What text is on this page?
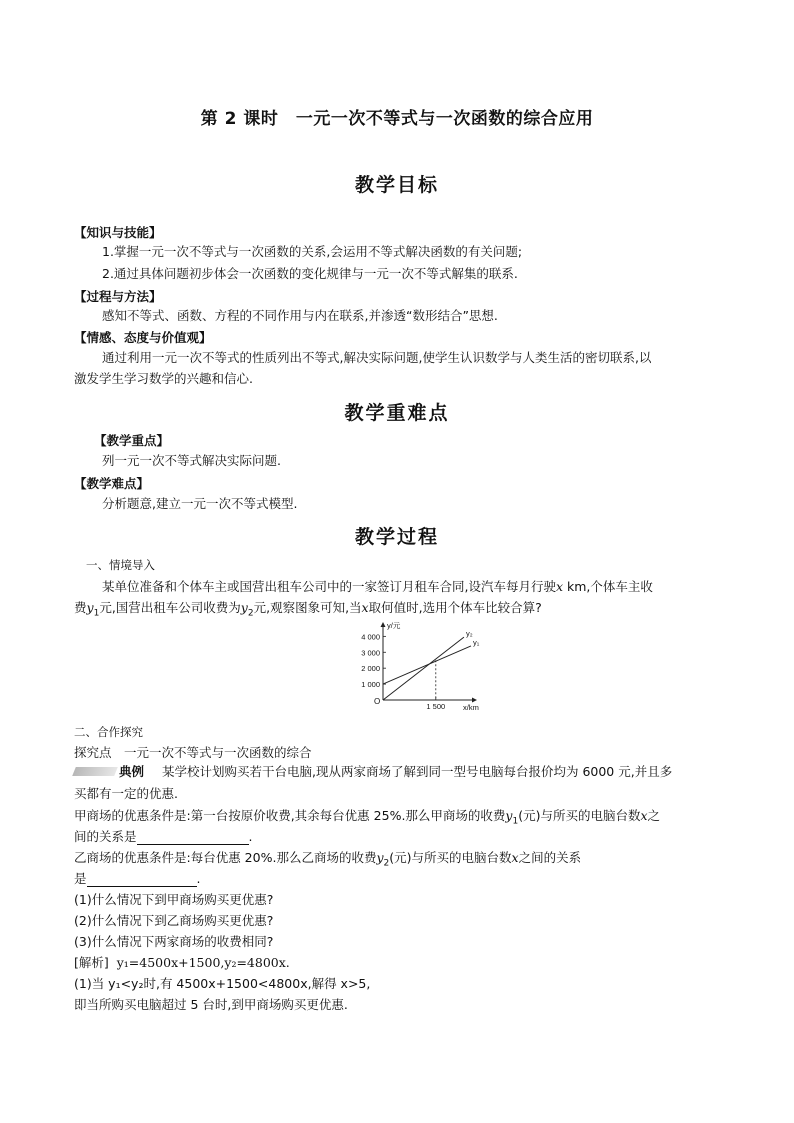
第 2 课时　一元一次不等式与一次函数的综合应用
教学目标
【知识与技能】
1.掌握一元一次不等式与一次函数的关系,会运用不等式解决函数的有关问题;
2.通过具体问题初步体会一次函数的变化规律与一元一次不等式解集的联系.
【过程与方法】
感知不等式、函数、方程的不同作用与内在联系,并渗透“数形结合”思想.
【情感、态度与价值观】
通过利用一元一次不等式的性质列出不等式,解决实际问题,使学生认识数学与人类生活的密切联系,以
激发学生学习数学的兴趣和信心.
教学重难点
【教学重点】
列一元一次不等式解决实际问题.
【教学难点】
分析题意,建立一元一次不等式模型.
教学过程
一、情境导入
某单位准备和个体车主或国营出租车公司中的一家签订月租车合同,设汽车每月行驶x km,个体车主收
费$y_1$元,国营出租车公司收费为$y_2$元,观察图象可知,当x取何值时,选用个体车比较合算?
1 000
2 000
3 000
4 000
1 500
y₁
y₂
y/元
x/km
O
二、合作探究
探究点　一元一次不等式与一次函数的综合
典例 某学校计划购买若干台电脑,现从两家商场了解到同一型号电脑每台报价均为 6000 元,并且多
买都有一定的优惠.
甲商场的优惠条件是:第一台按原价收费,其余每台优惠 25%.那么甲商场的收费$y_1$(元)与所买的电脑台数x之
间的关系是	.
乙商场的优惠条件是:每台优惠 20%.那么乙商场的收费$y_2$(元)与所买的电脑台数x之间的关系
是	.
(1)什么情况下到甲商场购买更优惠?
(2)什么情况下到乙商场购买更优惠?
(3)什么情况下两家商场的收费相同?
[解析] y₁=4500x+1500,y₂=4800x.
(1)当 y₁<y₂时,有 4500x+1500<4800x,解得 x>5,
即当所购买电脑超过 5 台时,到甲商场购买更优惠.
